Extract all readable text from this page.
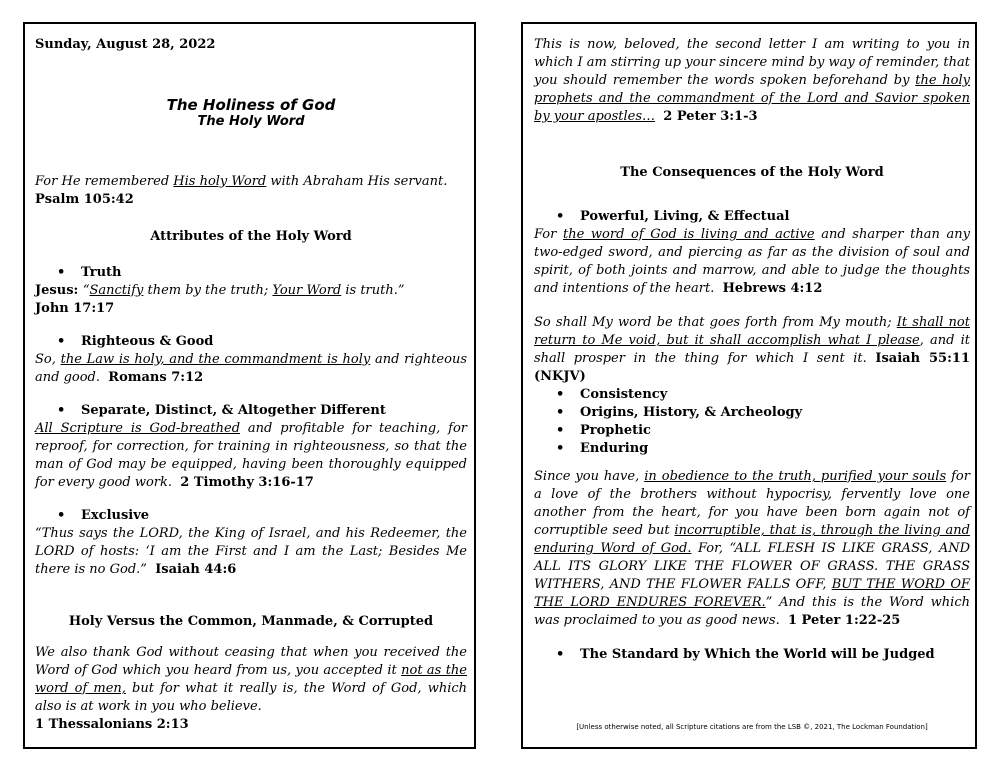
Sunday, August 28, 2022
The Holiness of God
The Holy Word
For He remembered His holy Word with Abraham His servant.
Psalm 105:42
Attributes of the Holy Word
• Truth
Jesus: “Sanctify them by the truth; Your Word is truth.”
John 17:17
• Righteous & Good
So, the Law is holy, and the commandment is holy and righteous and good. Romans 7:12
• Separate, Distinct, & Altogether Different
All Scripture is God-breathed and profitable for teaching, for reproof, for correction, for training in righteousness, so that the man of God may be equipped, having been thoroughly equipped for every good work. 2 Timothy 3:16-17
• Exclusive
“Thus says the LORD, the King of Israel, and his Redeemer, the LORD of hosts: ‘I am the First and I am the Last; Besides Me there is no God.” Isaiah 44:6
Holy Versus the Common, Manmade, & Corrupted
We also thank God without ceasing that when you received the Word of God which you heard from us, you accepted it not as the word of men, but for what it really is, the Word of God, which also is at work in you who believe.
1 Thessalonians 2:13
This is now, beloved, the second letter I am writing to you in which I am stirring up your sincere mind by way of reminder, that you should remember the words spoken beforehand by the holy prophets and the commandment of the Lord and Savior spoken by your apostles… 2 Peter 3:1-3
The Consequences of the Holy Word
• Powerful, Living, & Effectual
For the word of God is living and active and sharper than any two-edged sword, and piercing as far as the division of soul and spirit, of both joints and marrow, and able to judge the thoughts and intentions of the heart. Hebrews 4:12
So shall My word be that goes forth from My mouth; It shall not return to Me void, but it shall accomplish what I please, and it shall prosper in the thing for which I sent it. Isaiah 55:11 (NKJV)
• Consistency
• Origins, History, & Archeology
• Prophetic
• Enduring
Since you have, in obedience to the truth, purified your souls for a love of the brothers without hypocrisy, fervently love one another from the heart, for you have been born again not of corruptible seed but incorruptible, that is, through the living and enduring Word of God. For, “ALL FLESH IS LIKE GRASS, AND ALL ITS GLORY LIKE THE FLOWER OF GRASS. THE GRASS WITHERS, AND THE FLOWER FALLS OFF, BUT THE WORD OF THE LORD ENDURES FOREVER.” And this is the Word which was proclaimed to you as good news. 1 Peter 1:22-25
• The Standard by Which the World will be Judged
[Unless otherwise noted, all Scripture citations are from the LSB ©, 2021, The Lockman Foundation]
